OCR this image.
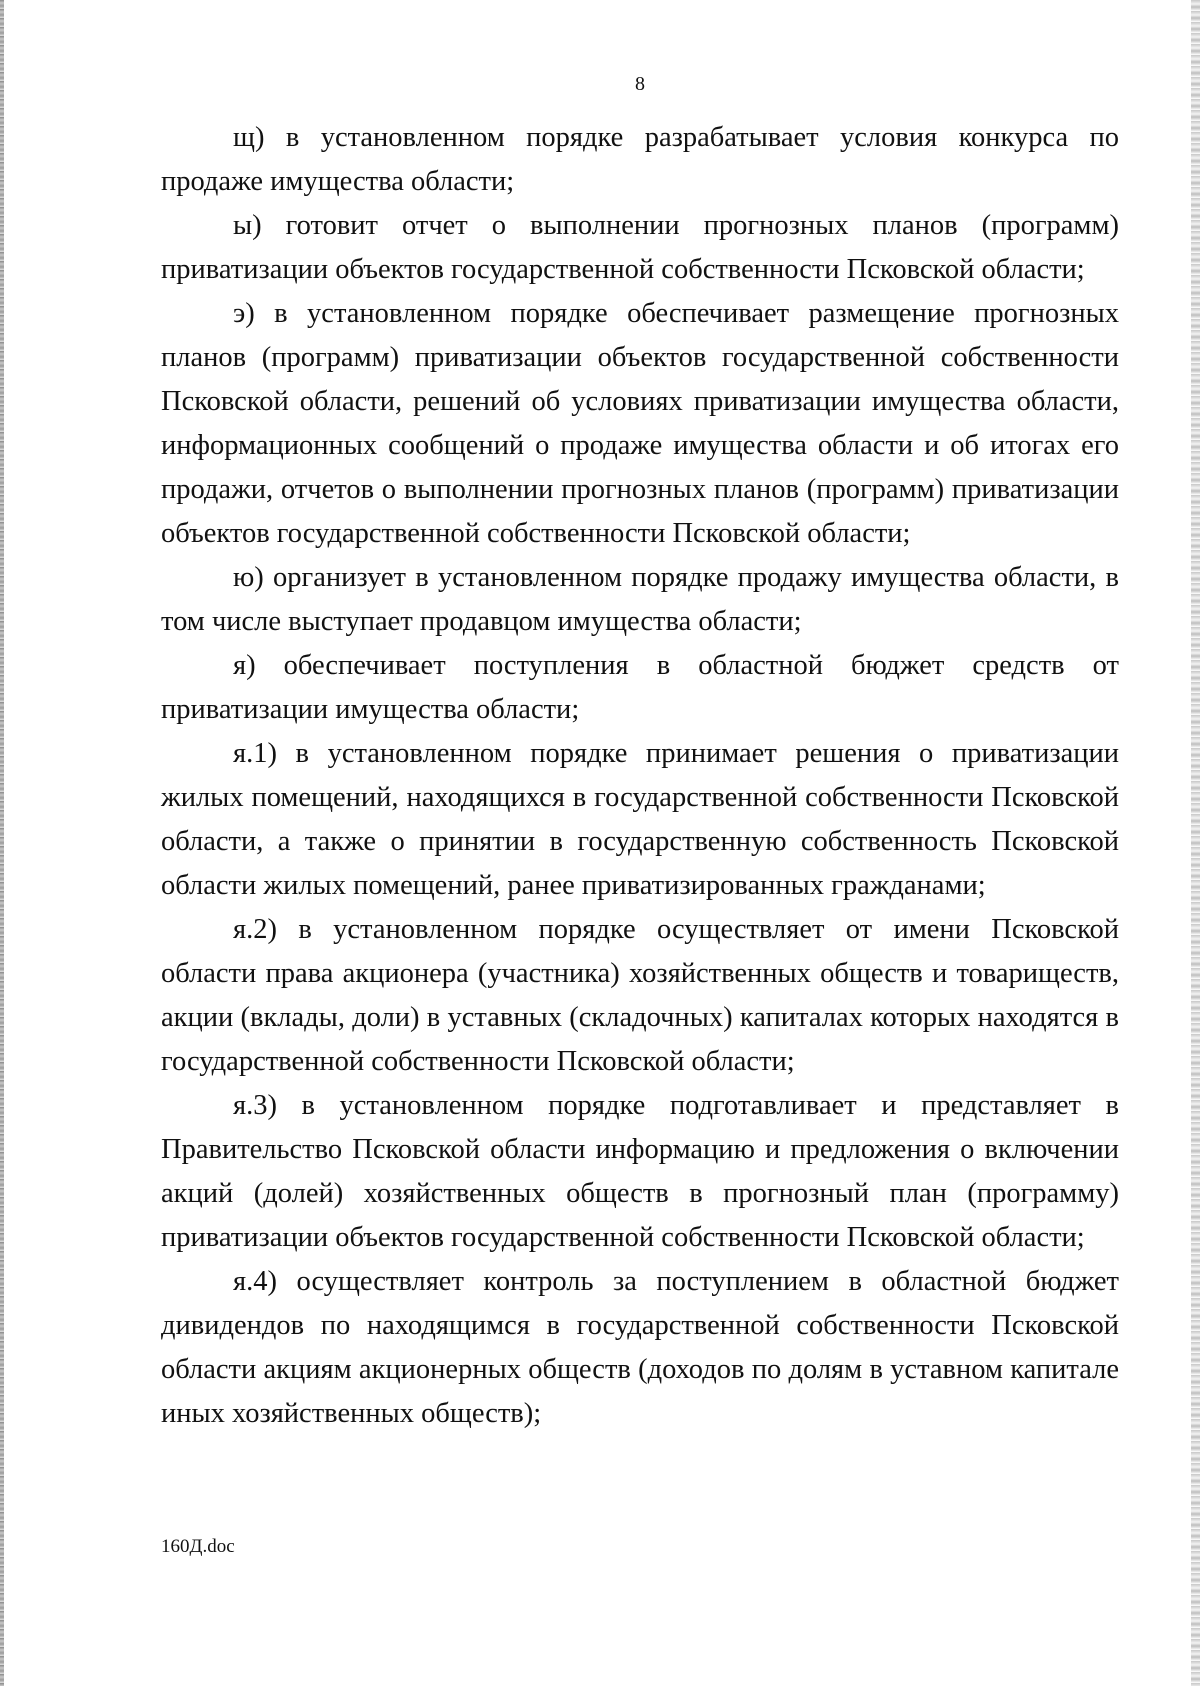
8

щ) в установленном порядке разрабатывает условия конкурса по продаже имущества области;

ы) готовит отчет о выполнении прогнозных планов (программ) приватизации объектов государственной собственности Псковской области;

э) в установленном порядке обеспечивает размещение прогнозных планов (программ) приватизации объектов государственной собственности Псковской области, решений об условиях приватизации имущества области, информационных сообщений о продаже имущества области и об итогах его продажи, отчетов о выполнении прогнозных планов (программ) приватизации объектов государственной собственности Псковской области;

ю) организует в установленном порядке продажу имущества области, в том числе выступает продавцом имущества области;

я) обеспечивает поступления в областной бюджет средств от приватизации имущества области;

я.1) в установленном порядке принимает решения о приватизации жилых помещений, находящихся в государственной собственности Псковской области, а также о принятии в государственную собственность Псковской области жилых помещений, ранее приватизированных гражданами;

я.2) в установленном порядке осуществляет от имени Псковской области права акционера (участника) хозяйственных обществ и товариществ, акции (вклады, доли) в уставных (складочных) капиталах которых находятся в государственной собственности Псковской области;

я.3) в установленном порядке подготавливает и представляет в Правительство Псковской области информацию и предложения о включении акций (долей) хозяйственных обществ в прогнозный план (программу) приватизации объектов государственной собственности Псковской области;

я.4) осуществляет контроль за поступлением в областной бюджет дивидендов по находящимся в государственной собственности Псковской области акциям акционерных обществ (доходов по долям в уставном капитале иных хозяйственных обществ);

160Д.doc
